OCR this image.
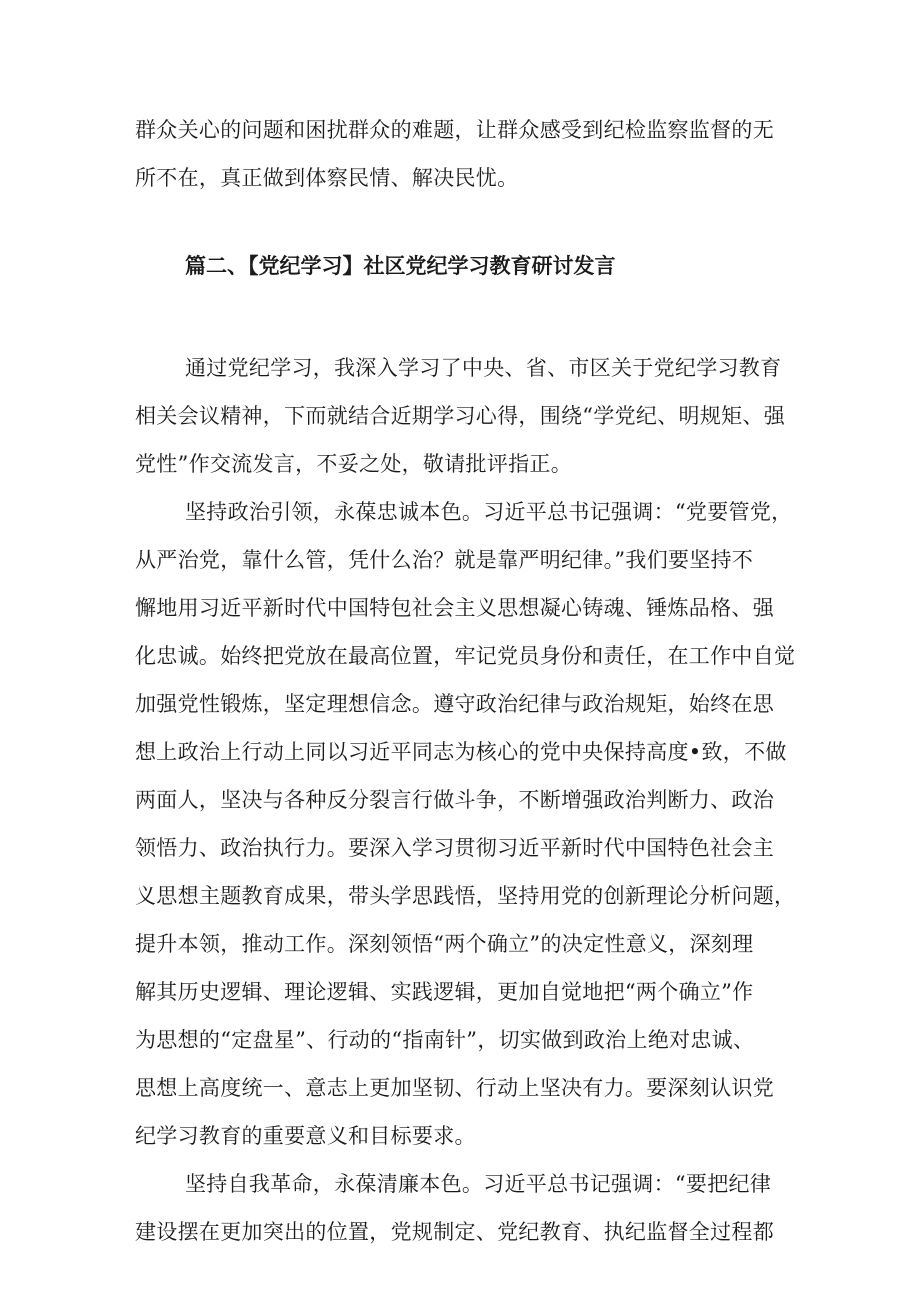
群众关心的问题和困扰群众的难题，让群众感受到纪检监察监督的无
所不在，真正做到体察民情、解决民忧。
篇二、【党纪学习】社区党纪学习教育研讨发言
通过党纪学习，我深入学习了中央、省、市区关于党纪学习教育
相关会议精神，下而就结合近期学习心得，围绕“学党纪、明规矩、强
党性”作交流发言，不妥之处，敬请批评指正。
坚持政治引领，永葆忠诚本色。习近平总书记强调：“党要管党，
从严治党，靠什么管，凭什么治？就是靠严明纪律。”我们要坚持不
懈地用习近平新时代中国特包社会主义思想凝心铸魂、锤炼品格、强
化忠诚。始终把党放在最高位置，牢记党员身份和责任，在工作中自觉
加强党性锻炼，坚定理想信念。遵守政治纪律与政治规矩，始终在思
想上政治上行动上同以习近平同志为核心的党中央保持高度•致，不做
两面人，坚决与各种反分裂言行做斗争，不断增强政治判断力、政治
领悟力、政治执行力。要深入学习贯彻习近平新时代中国特色社会主
义思想主题教育成果，带头学思践悟，坚持用党的创新理论分析问题，
提升本领，推动工作。深刻领悟“两个确立”的决定性意义，深刻理
解其历史逻辑、理论逻辑、实践逻辑，更加自觉地把“两个确立”作
为思想的“定盘星”、行动的“指南针”，切实做到政治上绝对忠诚、
思想上高度统一、意志上更加坚韧、行动上坚决有力。要深刻认识党
纪学习教育的重要意义和目标要求。
坚持自我革命，永葆清廉本色。习近平总书记强调：“要把纪律
建设摆在更加突出的位置，党规制定、党纪教育、执纪监督全过程都
